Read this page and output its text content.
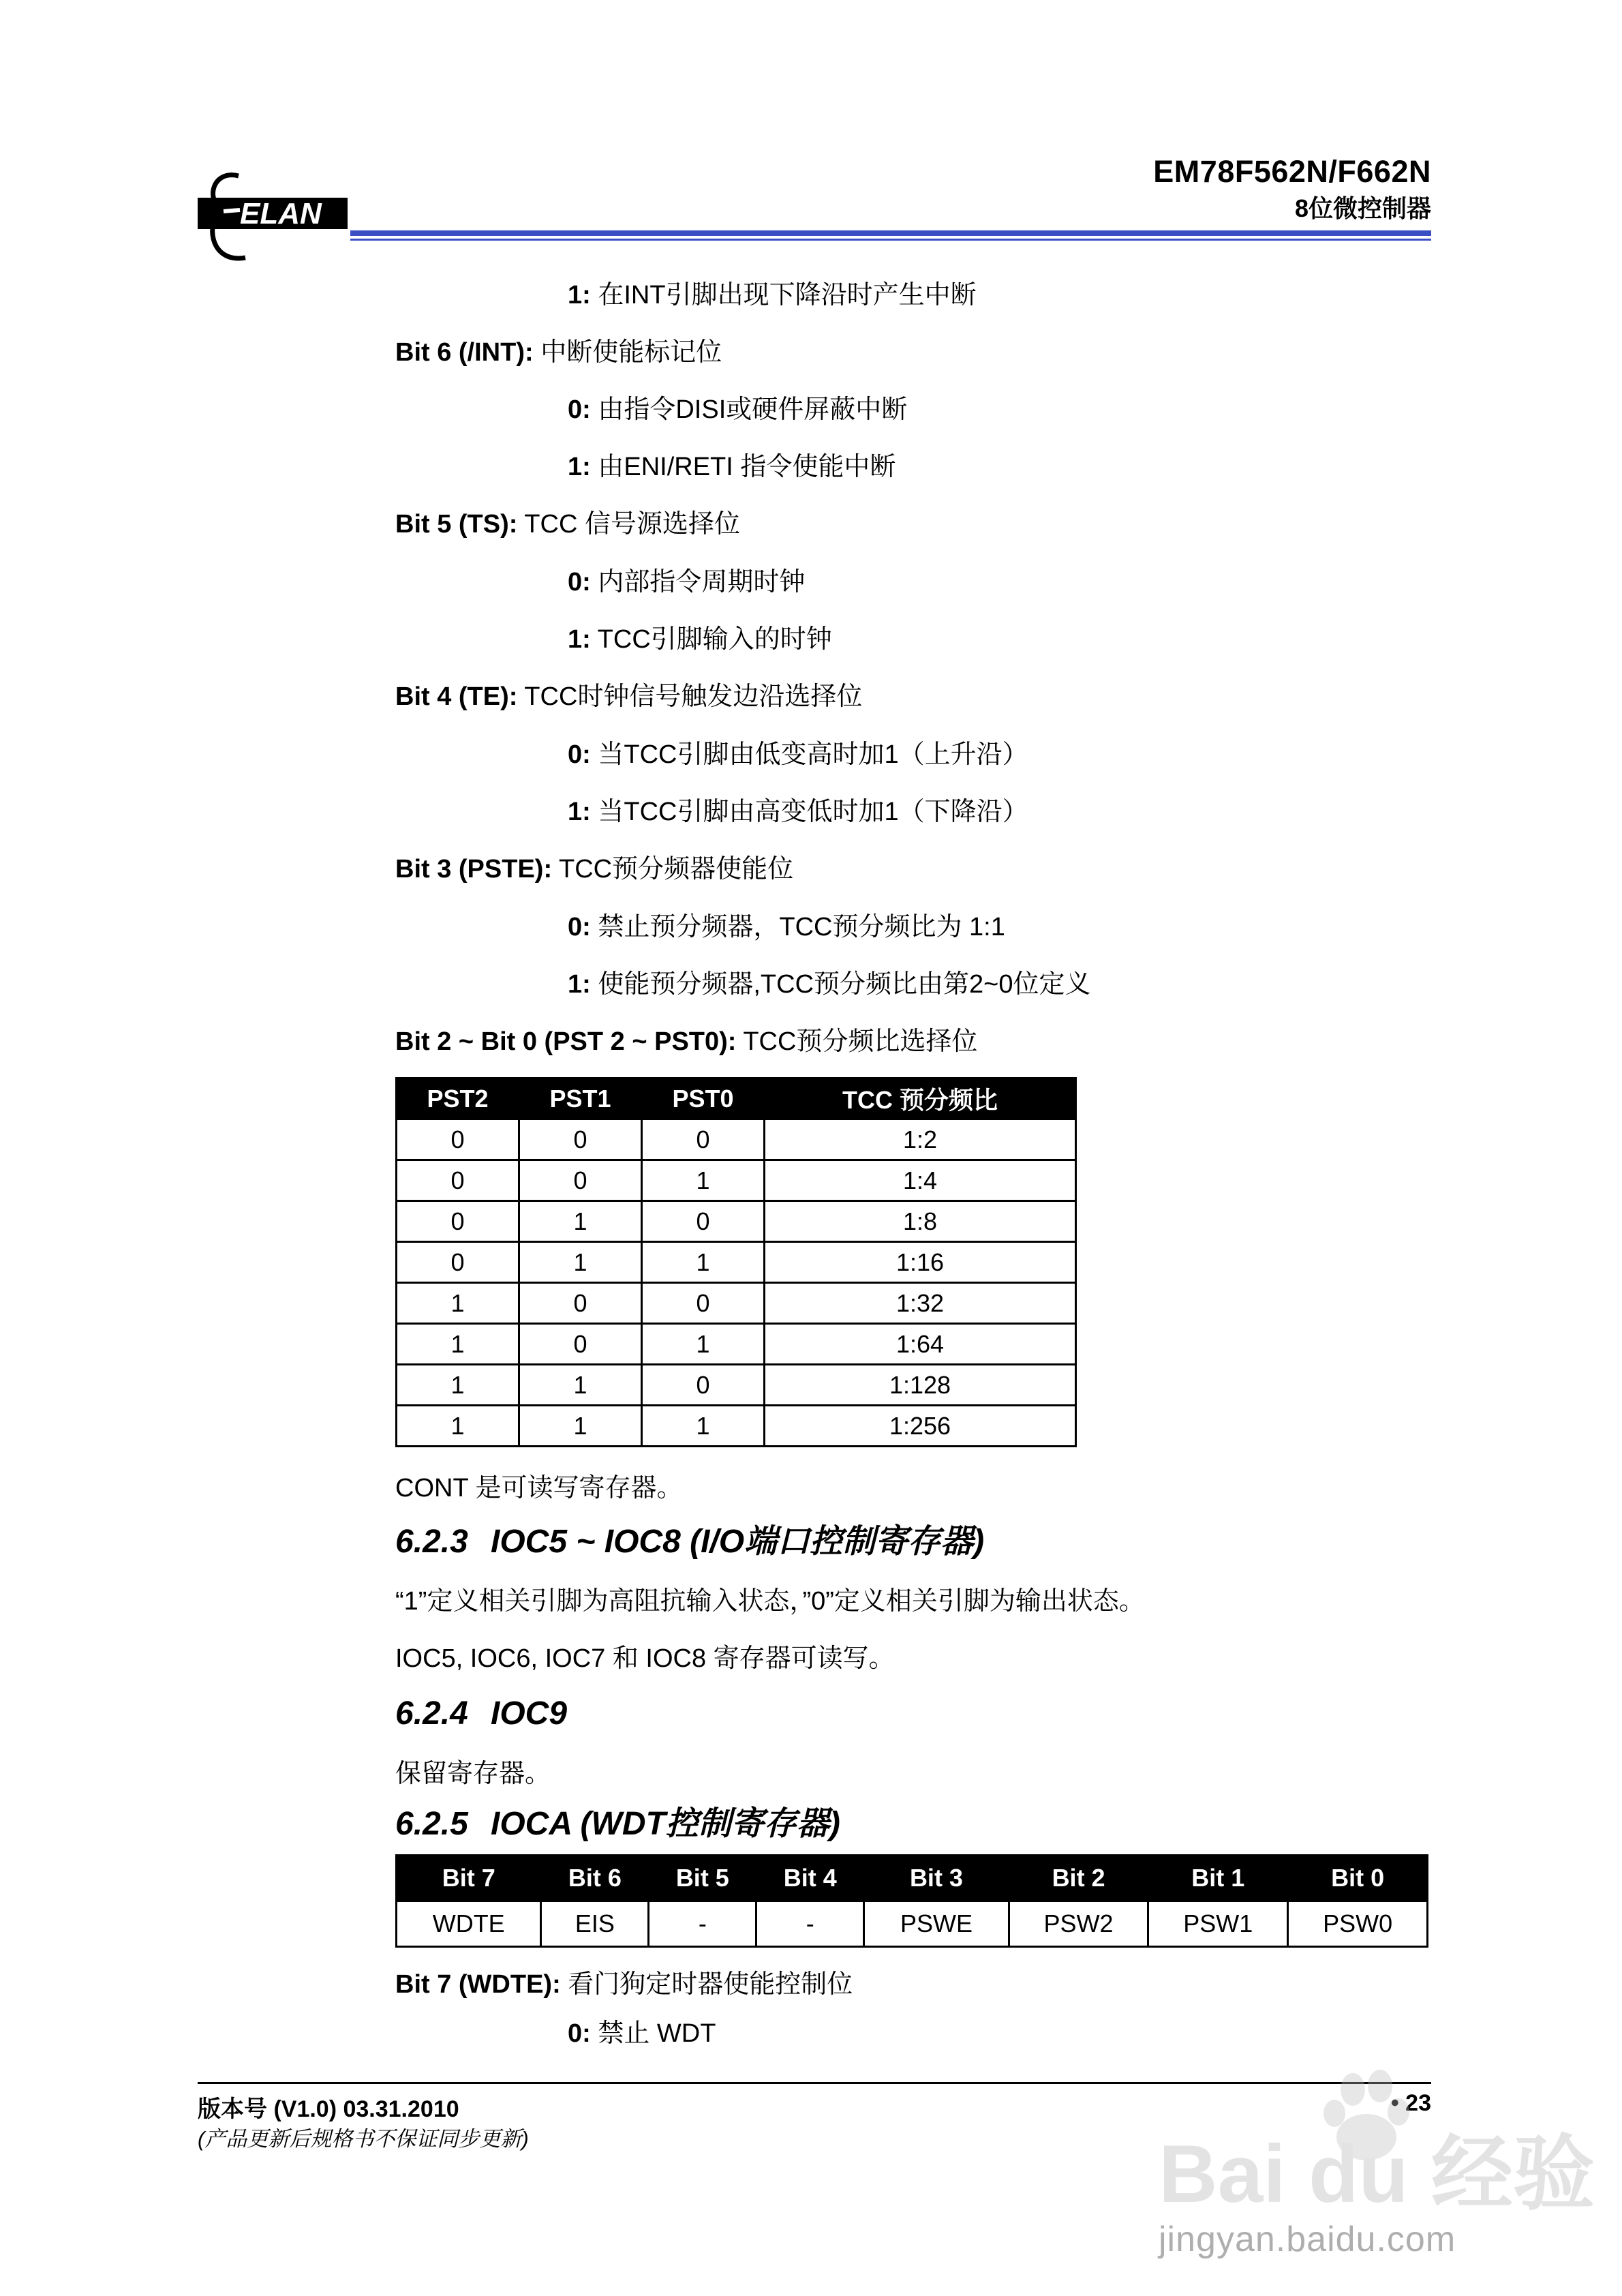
ELAN
EM78F562N/F662N
8位微控制器
1: 在INT引脚出现下降沿时产生中断
Bit 6 (/INT): 中断使能标记位
0: 由指令DISI或硬件屏蔽中断
1: 由ENI/RETI 指令使能中断
Bit 5 (TS): TCC 信号源选择位
0: 内部指令周期时钟
1: TCC引脚输入的时钟
Bit 4 (TE): TCC时钟信号触发边沿选择位
0: 当TCC引脚由低变高时加1（上升沿）
1: 当TCC引脚由高变低时加1（下降沿）
Bit 3 (PSTE): TCC预分频器使能位
0: 禁止预分频器，TCC预分频比为 1:1
1: 使能预分频器,TCC预分频比由第2~0位定义
Bit 2 ~ Bit 0 (PST 2 ~ PST0): TCC预分频比选择位
PST2	PST1	PST0	TCC 预分频比
0	0	0	1:2
0	0	1	1:4
0	1	0	1:8
0	1	1	1:16
1	0	0	1:32
1	0	1	1:64
1	1	0	1:128
1	1	1	1:256
CONT 是可读写寄存器。
6.2.3 IOC5 ~ IOC8 (I/O端口控制寄存器)
“1”定义相关引脚为高阻抗输入状态，”0”定义相关引脚为输出状态。
IOC5, IOC6, IOC7 和 IOC8 寄存器可读写。
6.2.4 IOC9
保留寄存器。
6.2.5 IOCA (WDT控制寄存器)
Bit 7	Bit 6	Bit 5	Bit 4	Bit 3	Bit 2	Bit 1	Bit 0
WDTE	EIS	-	-	PSWE	PSW2	PSW1	PSW0
Bit 7 (WDTE): 看门狗定时器使能控制位
0: 禁止 WDT
版本号 (V1.0) 03.31.2010
(产品更新后规格书不保证同步更新)
• 23
Bai du 经验
jingyan.baidu.com
